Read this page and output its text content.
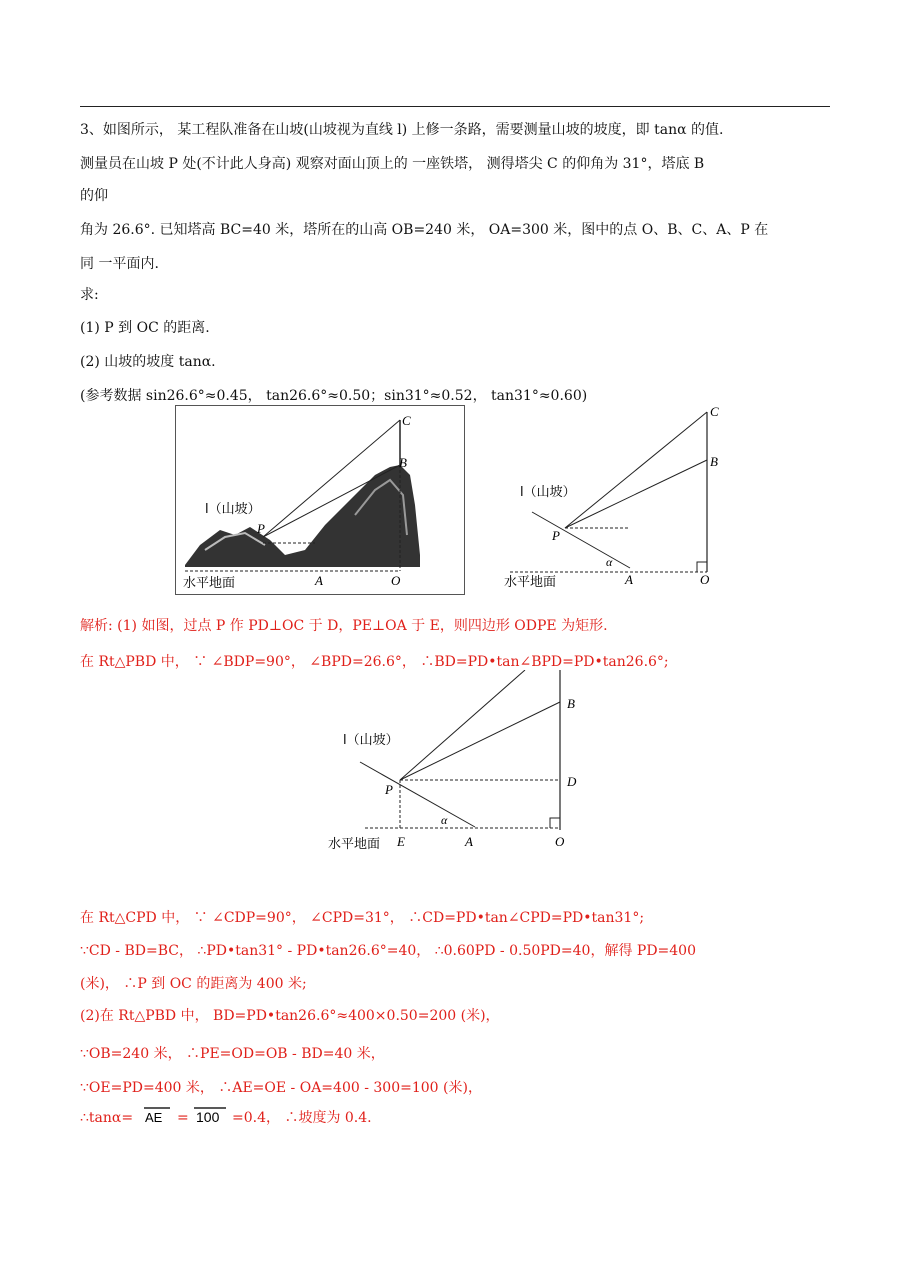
3、如图所示， 某工程队准备在山坡(山坡视为直线 l) 上修一条路，需要测量山坡的坡度，即 tanα 的值.
测量员在山坡 P 处(不计此人身高) 观察对面山顶上的 一座铁塔， 测得塔尖 C 的仰角为 31°，塔底 B
的仰
角为 26.6°. 已知塔高 BC=40 米，塔所在的山高 OB=240 米， OA=300 米，图中的点 O、B、C、A、P 在
同 一平面内.
求:
(1) P 到 OC 的距离.
(2) 山坡的坡度 tanα.
(参考数据 sin26.6°≈0.45， tan26.6°≈0.50；sin31°≈0.52， tan31°≈0.60)
C
B
P
A	O
l（山坡）
水平地面
C
B
P
A	O
α
l（山坡）
水平地面
解析: (1) 如图，过点 P 作 PD⊥OC 于 D，PE⊥OA 于 E，则四边形 ODPE 为矩形.
在 Rt△PBD 中， ∵ ∠BDP=90°， ∠BPD=26.6°， ∴BD=PD•tan∠BPD=PD•tan26.6°;
B
D
P
A	O
E
α
l（山坡）
水平地面
在 Rt△CPD 中， ∵ ∠CDP=90°， ∠CPD=31°， ∴CD=PD•tan∠CPD=PD•tan31°;
∵CD - BD=BC， ∴PD•tan31° - PD•tan26.6°=40， ∴0.60PD - 0.50PD=40，解得 PD=400
(米)， ∴P 到 OC 的距离为 400 米;
(2)在 Rt△PBD 中， BD=PD•tan26.6°≈400×0.50=200 (米)，
∵OB=240 米， ∴PE=OD=OB - BD=40 米，
∵OE=PD=400 米， ∴AE=OE - OA=400 - 300=100 (米)，
∴tanα= AE = 100 =0.4， ∴坡度为 0.4.
